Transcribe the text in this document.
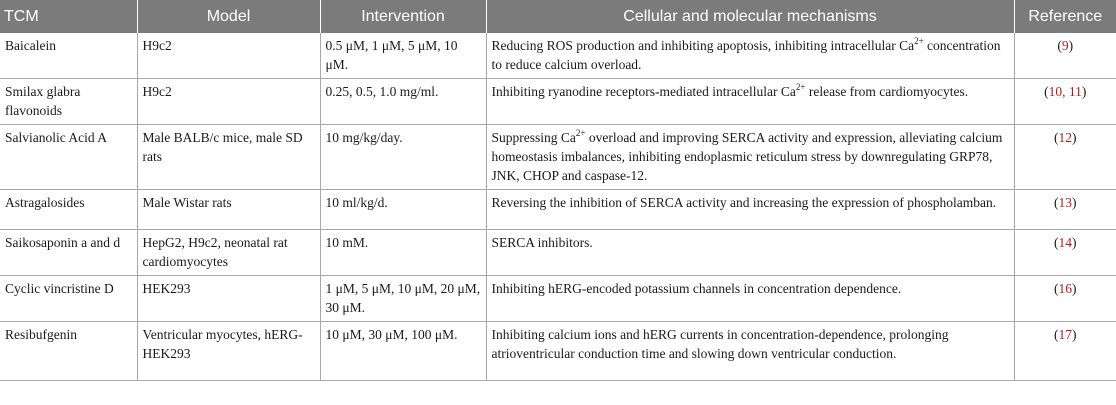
TCM	Model	Intervention	Cellular and molecular mechanisms	Reference
Baicalein	H9c2	0.5 μM, 1 μM, 5 μM, 10 μM.	Reducing ROS production and inhibiting apoptosis, inhibiting intracellular $Ca^{2+}$ concentration to reduce calcium overload.	(9)
Smilax glabra flavonoids	H9c2	0.25, 0.5, 1.0 mg/ml.	Inhibiting ryanodine receptors-mediated intracellular $Ca^{2+}$ release from cardiomyocytes.	(10, 11)
Salvianolic Acid A	Male BALB/c mice, male SD rats	10 mg/kg/day.	Suppressing $Ca^{2+}$ overload and improving SERCA activity and expression, alleviating calcium homeostasis imbalances, inhibiting endoplasmic reticulum stress by downregulating GRP78, JNK, CHOP and caspase-12.	(12)
Astragalosides	Male Wistar rats	10 ml/kg/d.	Reversing the inhibition of SERCA activity and increasing the expression of phospholamban.	(13)
Saikosaponin a and d	HepG2, H9c2, neonatal rat cardiomyocytes	10 mM.	SERCA inhibitors.	(14)
Cyclic vincristine D	HEK293	1 μM, 5 μM, 10 μM, 20 μM, 30 μM.	Inhibiting hERG-encoded potassium channels in concentration dependence.	(16)
Resibufgenin	Ventricular myocytes, hERG-HEK293	10 μM, 30 μM, 100 μM.	Inhibiting calcium ions and hERG currents in concentration-dependence, prolonging atrioventricular conduction time and slowing down ventricular conduction.	(17)
